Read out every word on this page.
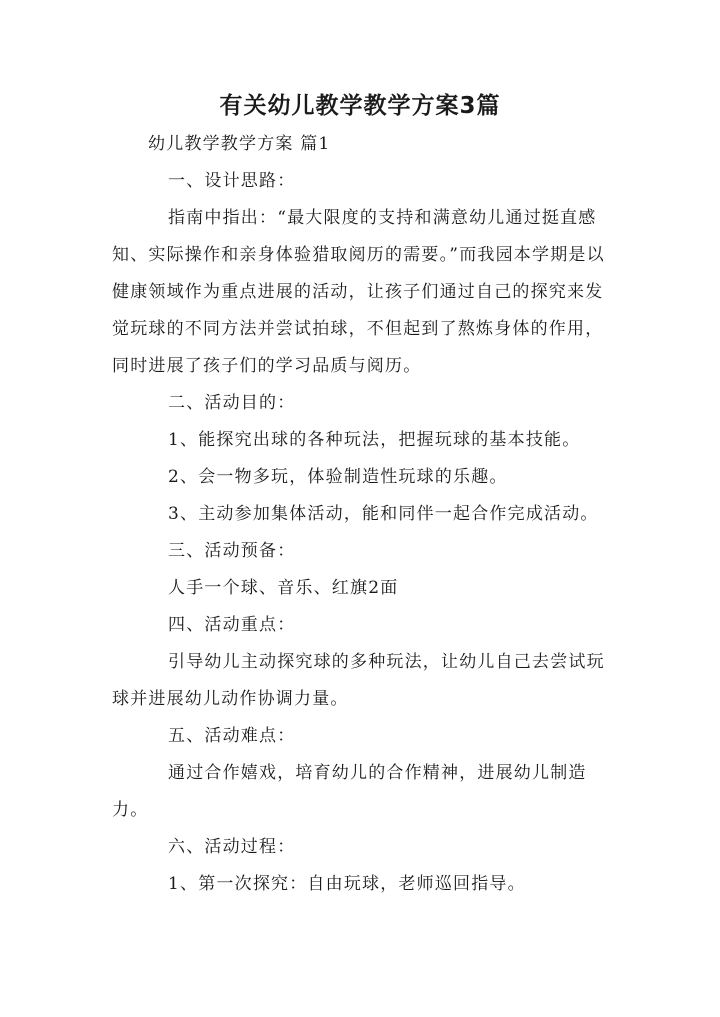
有关幼儿教学教学方案3篇

幼儿教学教学方案 篇1

一、设计思路：

指南中指出：“最大限度的支持和满意幼儿通过挺直感知、实际操作和亲身体验猎取阅历的需要。”而我园本学期是以健康领域作为重点进展的活动，让孩子们通过自己的探究来发觉玩球的不同方法并尝试拍球，不但起到了熬炼身体的作用，同时进展了孩子们的学习品质与阅历。

二、活动目的：

1、能探究出球的各种玩法，把握玩球的基本技能。

2、会一物多玩，体验制造性玩球的乐趣。

3、主动参加集体活动，能和同伴一起合作完成活动。

三、活动预备：

人手一个球、音乐、红旗2面

四、活动重点：

引导幼儿主动探究球的多种玩法，让幼儿自己去尝试玩球并进展幼儿动作协调力量。

五、活动难点：

通过合作嬉戏，培育幼儿的合作精神，进展幼儿制造力。

六、活动过程：

1、第一次探究：自由玩球，老师巡回指导。
